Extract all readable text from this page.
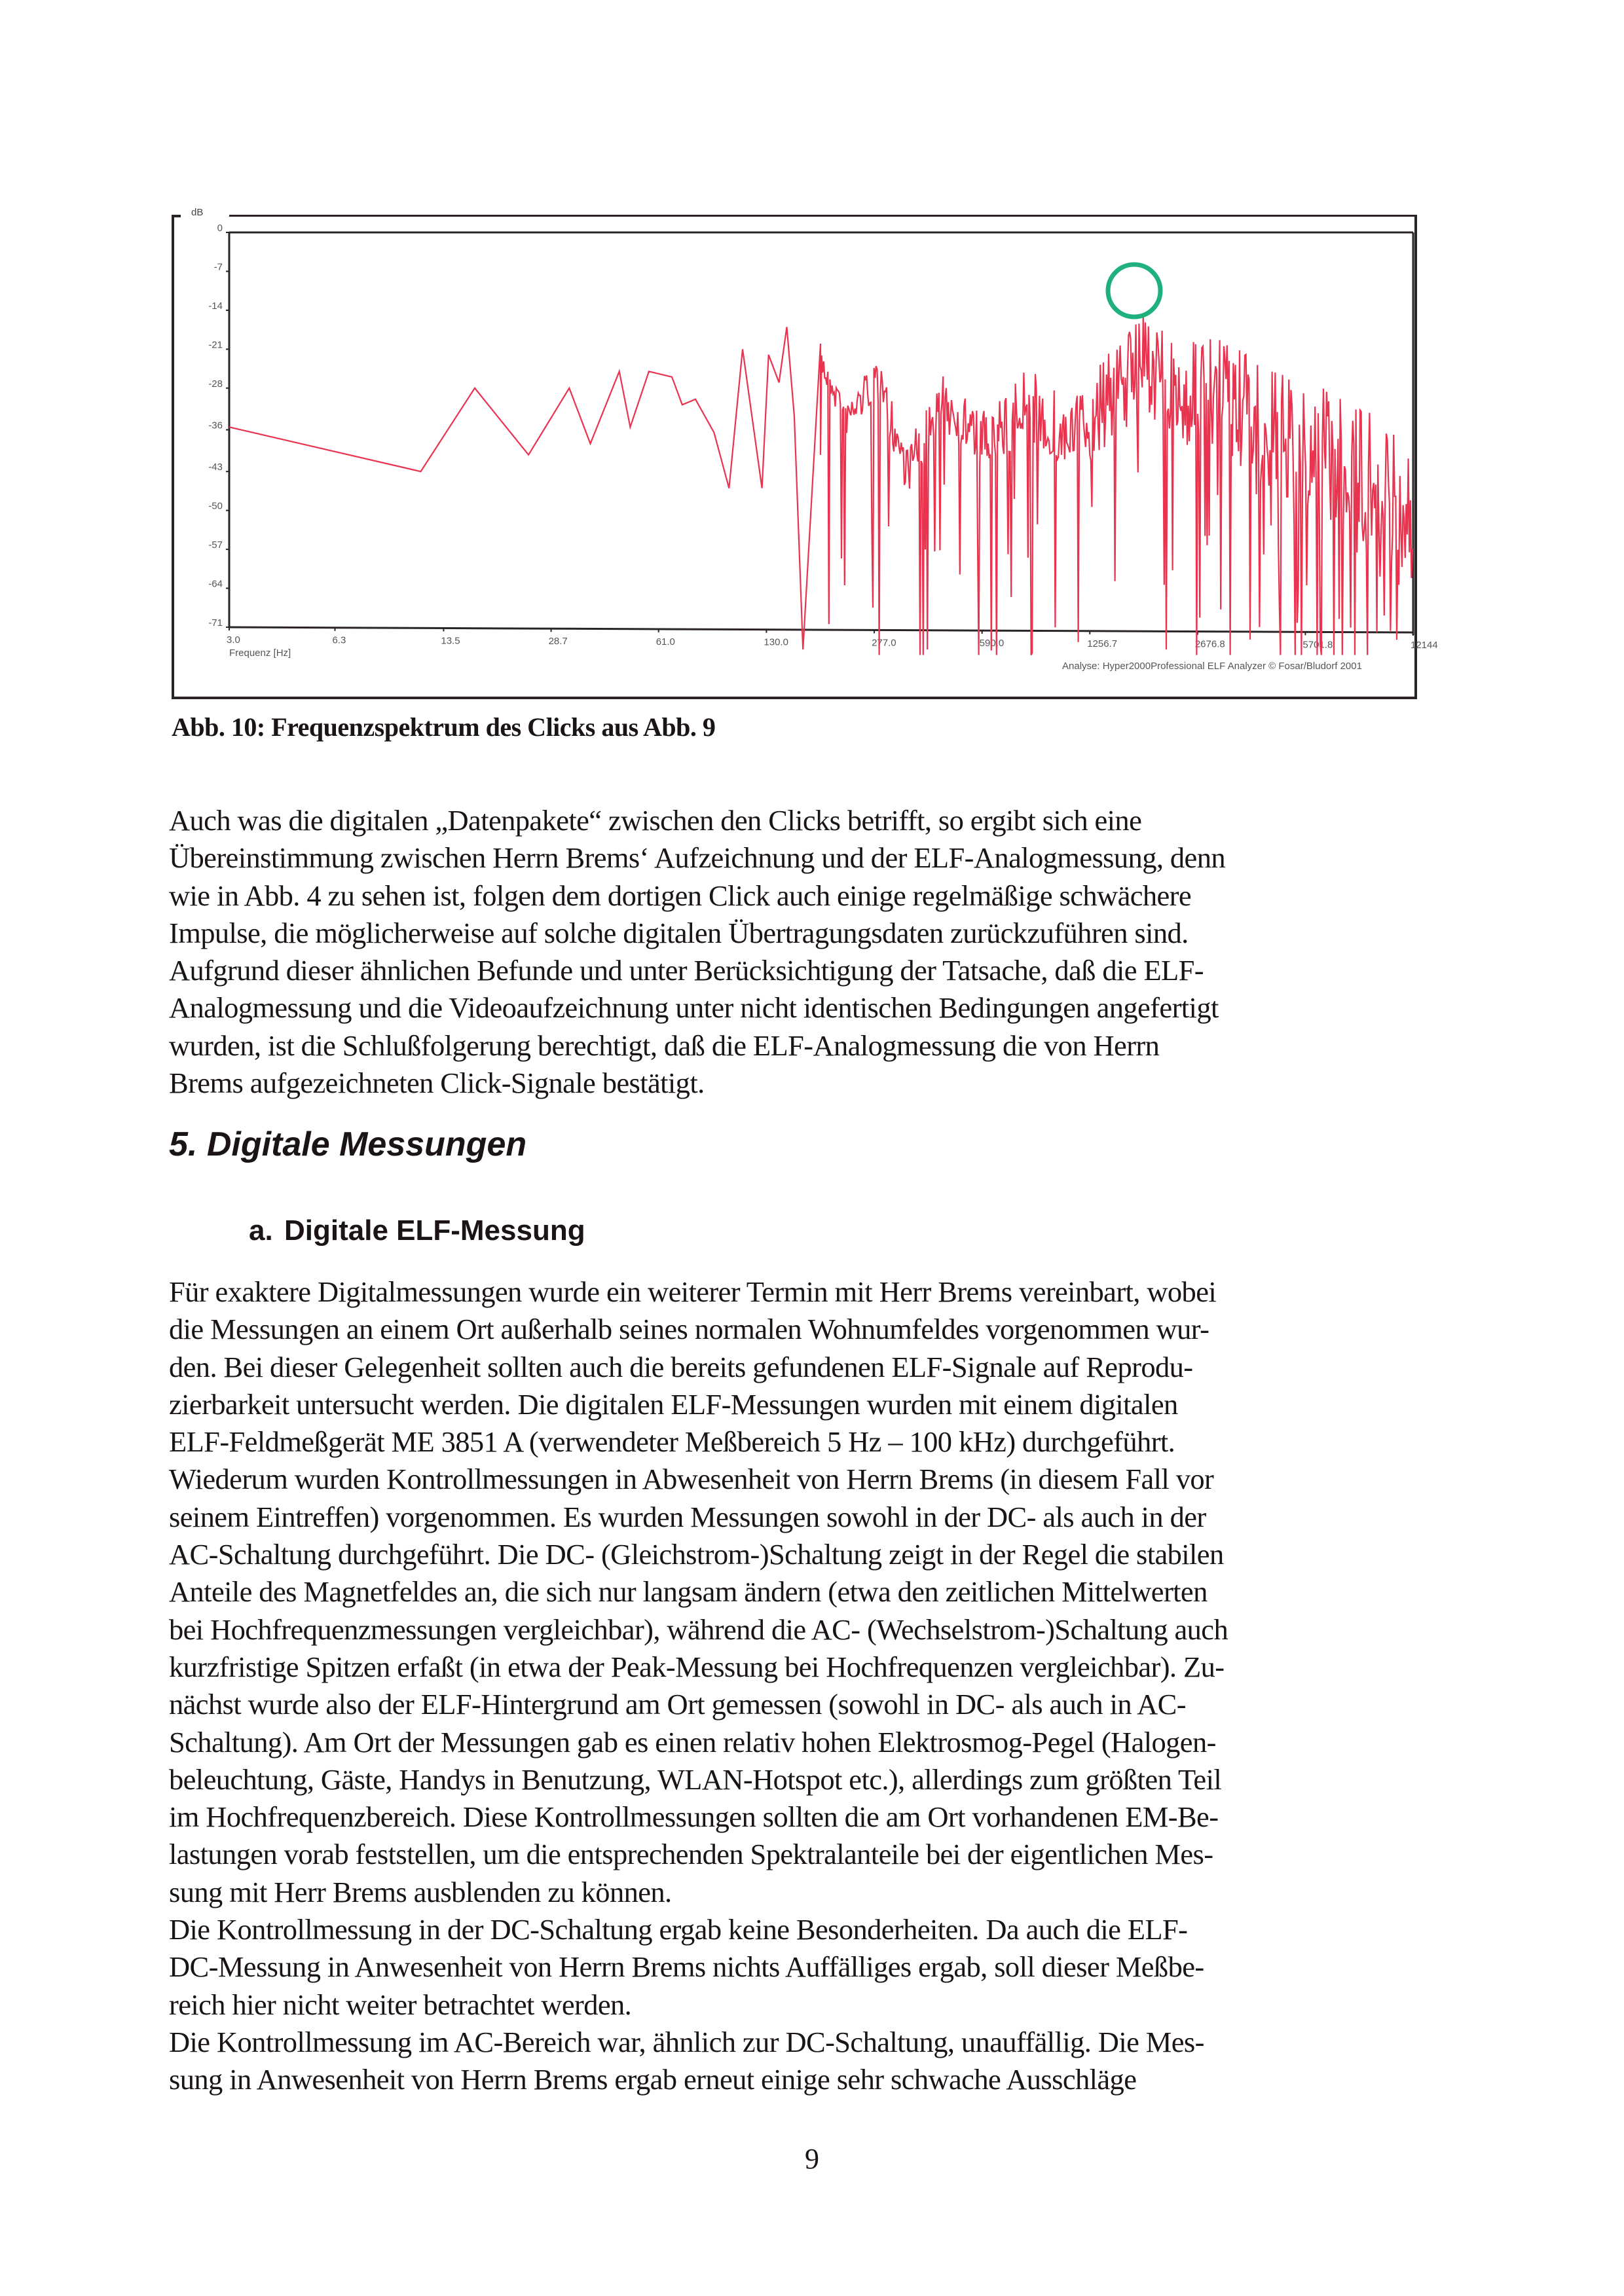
dB
0
-7
-14
-21
-28
-36
-43
-50
-57
-64
-71
3.0	6.3	13.5	28.7	61.0	130.0	277.0	590.0	1256.7	2676.8	5701.8	12144
Frequenz [Hz]
Analyse: Hyper2000Professional ELF Analyzer © Fosar/Bludorf 2001
Abb. 10: Frequenzspektrum des Clicks aus Abb. 9
Auch was die digitalen „Datenpakete“ zwischen den Clicks betrifft, so ergibt sich eine
Übereinstimmung zwischen Herrn Brems‘ Aufzeichnung und der ELF-Analogmessung, denn
wie in Abb. 4 zu sehen ist, folgen dem dortigen Click auch einige regelmäßige schwächere
Impulse, die möglicherweise auf solche digitalen Übertragungsdaten zurückzuführen sind.
Aufgrund dieser ähnlichen Befunde und unter Berücksichtigung der Tatsache, daß die ELF-
Analogmessung und die Videoaufzeichnung unter nicht identischen Bedingungen angefertigt
wurden, ist die Schlußfolgerung berechtigt, daß die ELF-Analogmessung die von Herrn
Brems aufgezeichneten Click-Signale bestätigt.
5. Digitale Messungen
a. Digitale ELF-Messung
Für exaktere Digitalmessungen wurde ein weiterer Termin mit Herr Brems vereinbart, wobei
die Messungen an einem Ort außerhalb seines normalen Wohnumfeldes vorgenommen wur-
den. Bei dieser Gelegenheit sollten auch die bereits gefundenen ELF-Signale auf Reprodu-
zierbarkeit untersucht werden. Die digitalen ELF-Messungen wurden mit einem digitalen
ELF-Feldmeßgerät ME 3851 A (verwendeter Meßbereich 5 Hz – 100 kHz) durchgeführt.
Wiederum wurden Kontrollmessungen in Abwesenheit von Herrn Brems (in diesem Fall vor
seinem Eintreffen) vorgenommen. Es wurden Messungen sowohl in der DC- als auch in der
AC-Schaltung durchgeführt. Die DC- (Gleichstrom-)Schaltung zeigt in der Regel die stabilen
Anteile des Magnetfeldes an, die sich nur langsam ändern (etwa den zeitlichen Mittelwerten
bei Hochfrequenzmessungen vergleichbar), während die AC- (Wechselstrom-)Schaltung auch
kurzfristige Spitzen erfaßt (in etwa der Peak-Messung bei Hochfrequenzen vergleichbar). Zu-
nächst wurde also der ELF-Hintergrund am Ort gemessen (sowohl in DC- als auch in AC-
Schaltung). Am Ort der Messungen gab es einen relativ hohen Elektrosmog-Pegel (Halogen-
beleuchtung, Gäste, Handys in Benutzung, WLAN-Hotspot etc.), allerdings zum größten Teil
im Hochfrequenzbereich. Diese Kontrollmessungen sollten die am Ort vorhandenen EM-Be-
lastungen vorab feststellen, um die entsprechenden Spektralanteile bei der eigentlichen Mes-
sung mit Herr Brems ausblenden zu können.
Die Kontrollmessung in der DC-Schaltung ergab keine Besonderheiten. Da auch die ELF-
DC-Messung in Anwesenheit von Herrn Brems nichts Auffälliges ergab, soll dieser Meßbe-
reich hier nicht weiter betrachtet werden.
Die Kontrollmessung im AC-Bereich war, ähnlich zur DC-Schaltung, unauffällig. Die Mes-
sung in Anwesenheit von Herrn Brems ergab erneut einige sehr schwache Ausschläge
9
